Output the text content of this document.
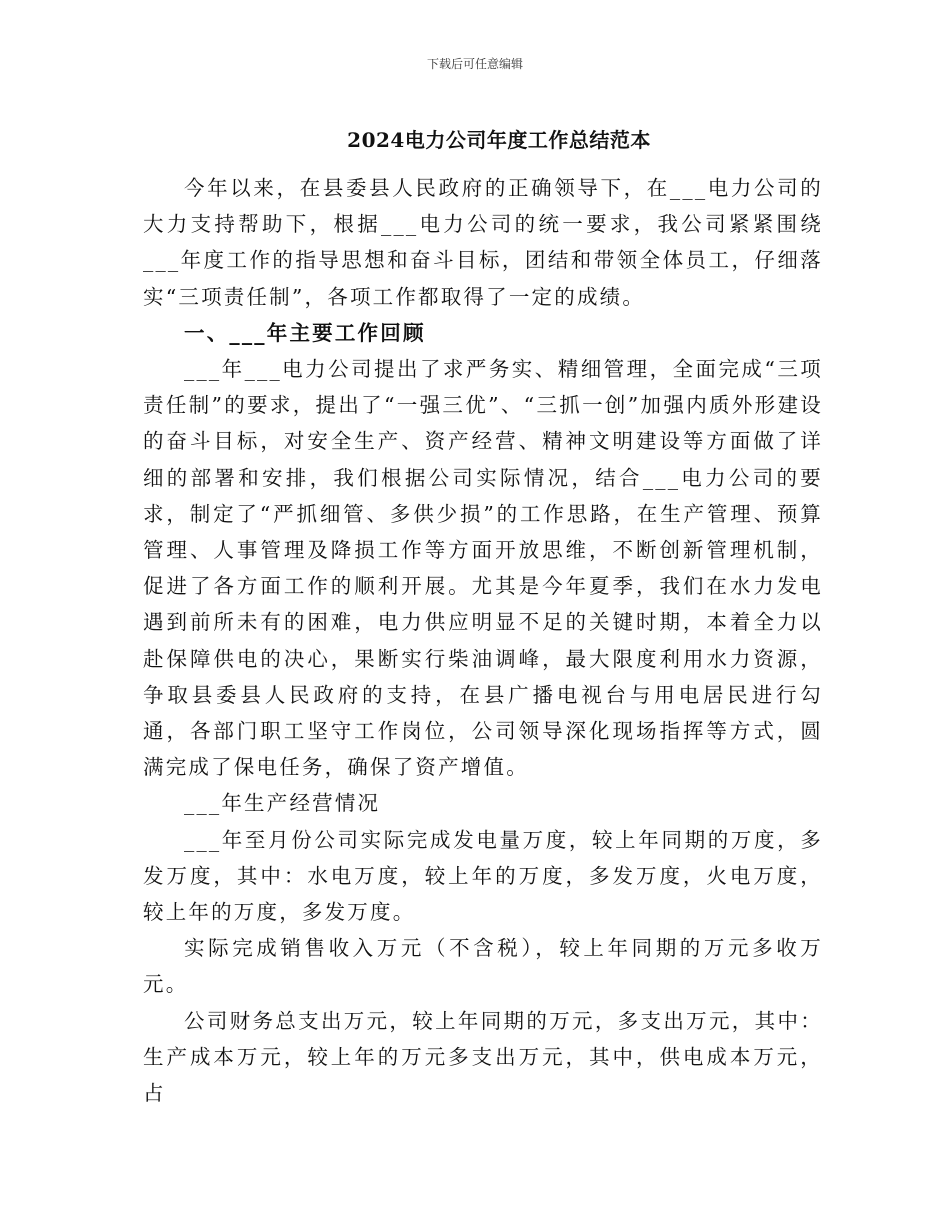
下载后可任意编辑
2024电力公司年度工作总结范本

今年以来，在县委县人民政府的正确领导下，在___电力公司的大力支持帮助下，根据___电力公司的统一要求，我公司紧紧围绕___年度工作的指导思想和奋斗目标，团结和带领全体员工，仔细落实“三项责任制”，各项工作都取得了一定的成绩。

一、___年主要工作回顾

___年___电力公司提出了求严务实、精细管理，全面完成“三项责任制”的要求，提出了“一强三优”、“三抓一创”加强内质外形建设的奋斗目标，对安全生产、资产经营、精神文明建设等方面做了详细的部署和安排，我们根据公司实际情况，结合___电力公司的要求，制定了“严抓细管、多供少损”的工作思路，在生产管理、预算管理、人事管理及降损工作等方面开放思维，不断创新管理机制，促进了各方面工作的顺利开展。尤其是今年夏季，我们在水力发电遇到前所未有的困难，电力供应明显不足的关键时期，本着全力以赴保障供电的决心，果断实行柴油调峰，最大限度利用水力资源，争取县委县人民政府的支持，在县广播电视台与用电居民进行勾通，各部门职工坚守工作岗位，公司领导深化现场指挥等方式，圆满完成了保电任务，确保了资产增值。

___年生产经营情况

___年至月份公司实际完成发电量万度，较上年同期的万度，多发万度，其中：水电万度，较上年的万度，多发万度，火电万度，较上年的万度，多发万度。

实际完成销售收入万元（不含税），较上年同期的万元多收万元。

公司财务总支出万元，较上年同期的万元，多支出万元，其中：生产成本万元，较上年的万元多支出万元，其中，供电成本万元，占
